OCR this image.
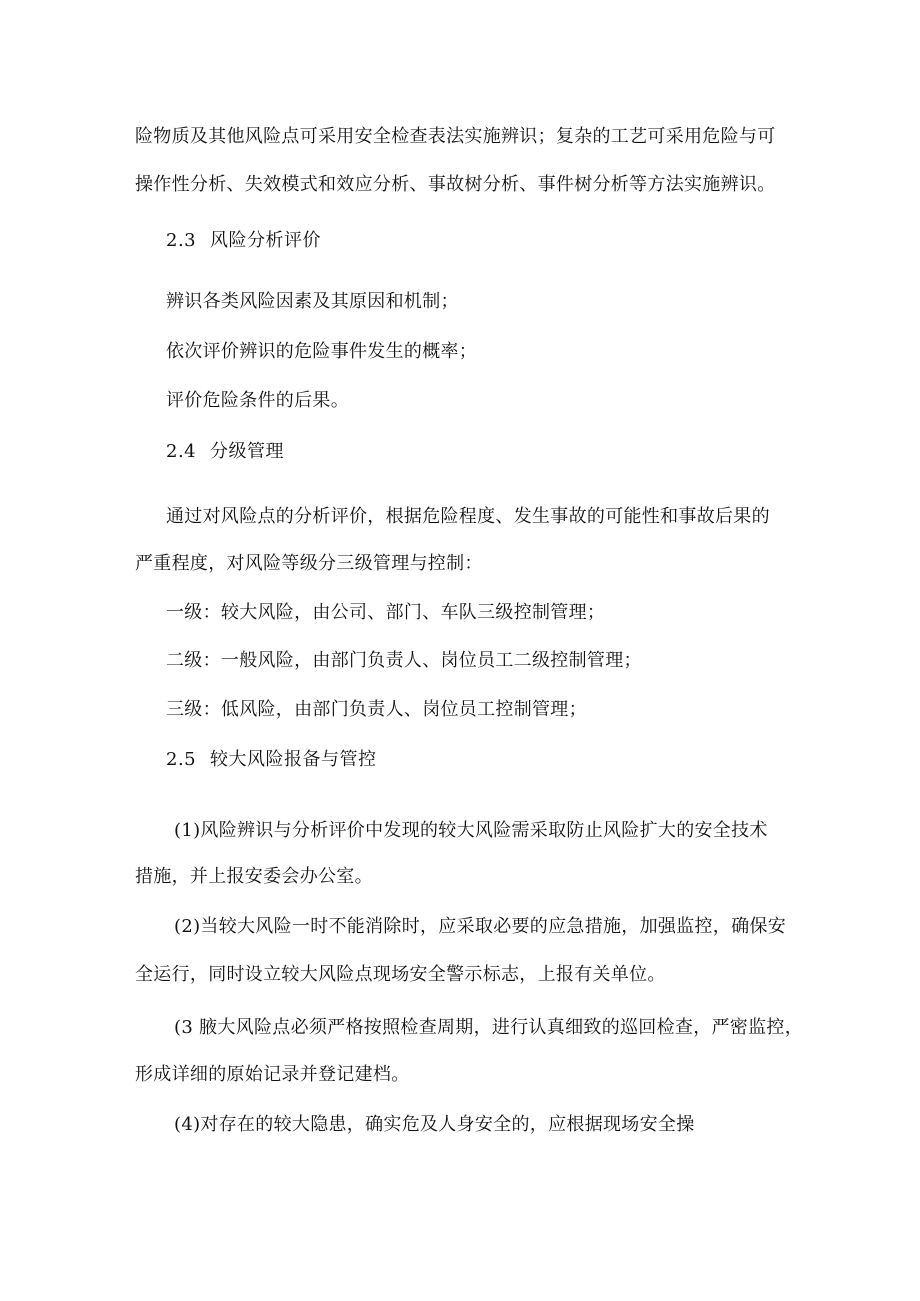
险物质及其他风险点可采用安全检查表法实施辨识；复杂的工艺可采用危险与可
操作性分析、失效模式和效应分析、事故树分析、事件树分析等方法实施辨识。
2.3 风险分析评价
辨识各类风险因素及其原因和机制；
依次评价辨识的危险事件发生的概率；
评价危险条件的后果。
2.4 分级管理
通过对风险点的分析评价，根据危险程度、发生事故的可能性和事故后果的
严重程度，对风险等级分三级管理与控制：
一级：较大风险，由公司、部门、车队三级控制管理；
二级：一般风险，由部门负责人、岗位员工二级控制管理；
三级：低风险，由部门负责人、岗位员工控制管理；
2.5 较大风险报备与管控
(1)风险辨识与分析评价中发现的较大风险需采取防止风险扩大的安全技术
措施，并上报安委会办公室。
(2)当较大风险一时不能消除时，应采取必要的应急措施，加强监控，确保安
全运行，同时设立较大风险点现场安全警示标志，上报有关单位。
(3 腋大风险点必须严格按照检查周期，进行认真细致的巡回检查，严密监控，
形成详细的原始记录并登记建档。
(4)对存在的较大隐患，确实危及人身安全的，应根据现场安全操
